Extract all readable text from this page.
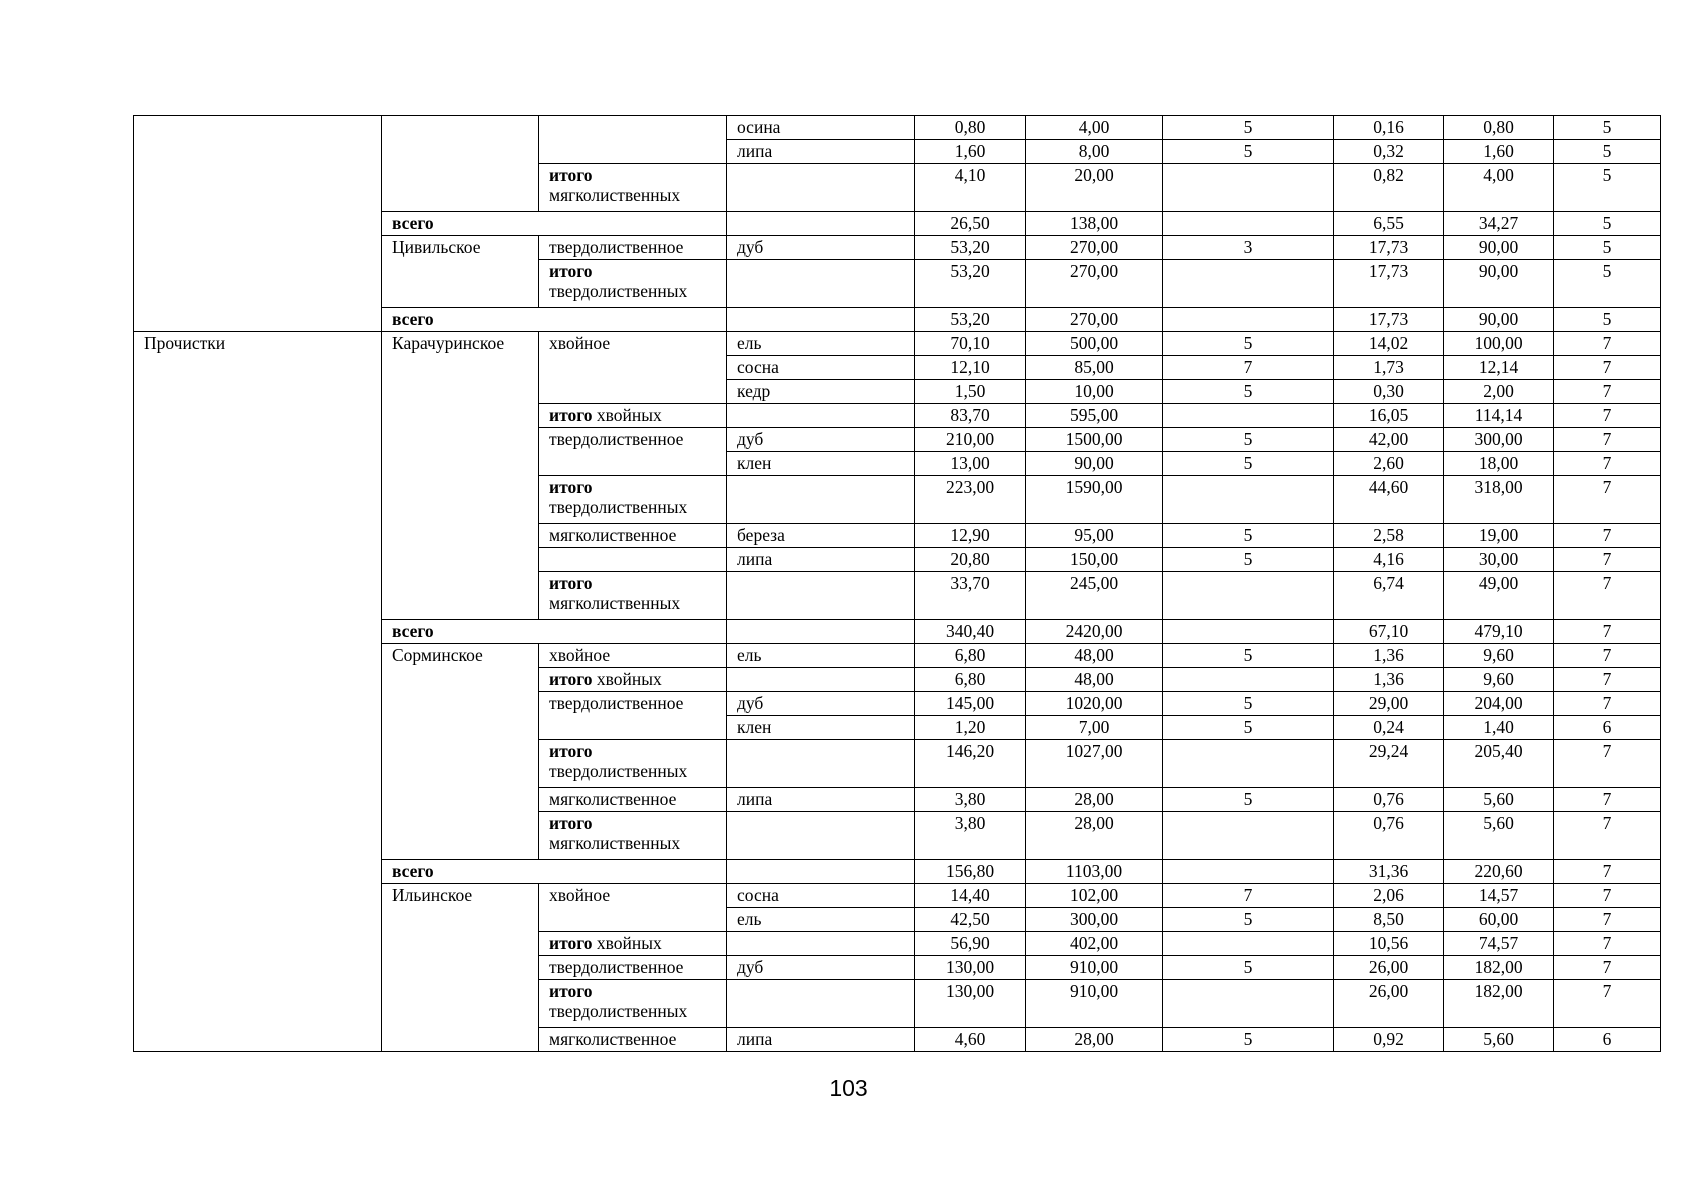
			осина	0,80	4,00	5	0,16	0,80	5
			липа	1,60	8,00	5	0,32	1,60	5
		итого мягколиственных		4,10	20,00		0,82	4,00	5
	всего			26,50	138,00		6,55	34,27	5
	Цивильское	твердолиственное	дуб	53,20	270,00	3	17,73	90,00	5
		итого твердолиственных		53,20	270,00		17,73	90,00	5
	всего			53,20	270,00		17,73	90,00	5
Прочистки	Карачуринское	хвойное	ель	70,10	500,00	5	14,02	100,00	7
			сосна	12,10	85,00	7	1,73	12,14	7
			кедр	1,50	10,00	5	0,30	2,00	7
		итого хвойных		83,70	595,00		16,05	114,14	7
		твердолиственное	дуб	210,00	1500,00	5	42,00	300,00	7
			клен	13,00	90,00	5	2,60	18,00	7
		итого твердолиственных		223,00	1590,00		44,60	318,00	7
		мягколиственное	береза	12,90	95,00	5	2,58	19,00	7
			липа	20,80	150,00	5	4,16	30,00	7
		итого мягколиственных		33,70	245,00		6,74	49,00	7
	всего			340,40	2420,00		67,10	479,10	7
	Сорминское	хвойное	ель	6,80	48,00	5	1,36	9,60	7
		итого хвойных		6,80	48,00		1,36	9,60	7
		твердолиственное	дуб	145,00	1020,00	5	29,00	204,00	7
			клен	1,20	7,00	5	0,24	1,40	6
		итого твердолиственных		146,20	1027,00		29,24	205,40	7
		мягколиственное	липа	3,80	28,00	5	0,76	5,60	7
		итого мягколиственных		3,80	28,00		0,76	5,60	7
	всего			156,80	1103,00		31,36	220,60	7
	Ильинское	хвойное	сосна	14,40	102,00	7	2,06	14,57	7
			ель	42,50	300,00	5	8,50	60,00	7
		итого хвойных		56,90	402,00		10,56	74,57	7
		твердолиственное	дуб	130,00	910,00	5	26,00	182,00	7
		итого твердолиственных		130,00	910,00		26,00	182,00	7
		мягколиственное	липа	4,60	28,00	5	0,92	5,60	6
103
